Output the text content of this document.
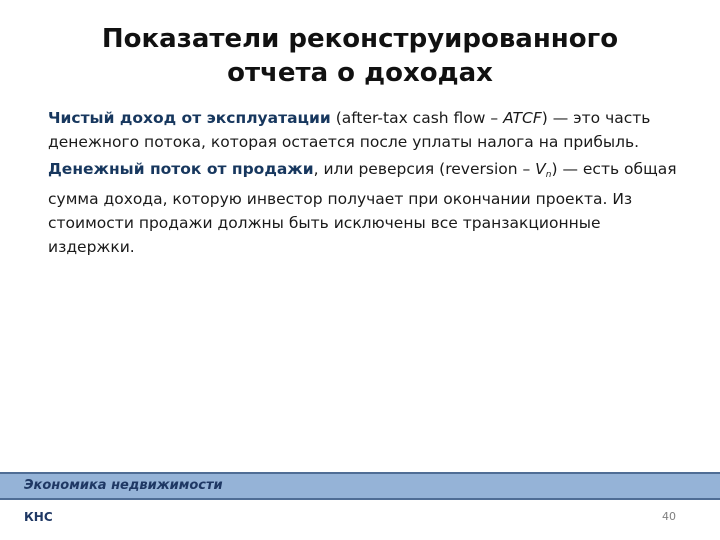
Показатели реконструированного
отчета о доходах

Чистый доход от эксплуатации (after-tax cash flow – ATCF) — это часть денежного потока, которая остается после уплаты налога на прибыль.

Денежный поток от продажи, или реверсия (reversion – $V_n$) — есть общая сумма дохода, которую инвестор получает при окончании проекта. Из стоимости продажи должны быть исключены все транзакционные издержки.

Экономика недвижимости
КНС	40
